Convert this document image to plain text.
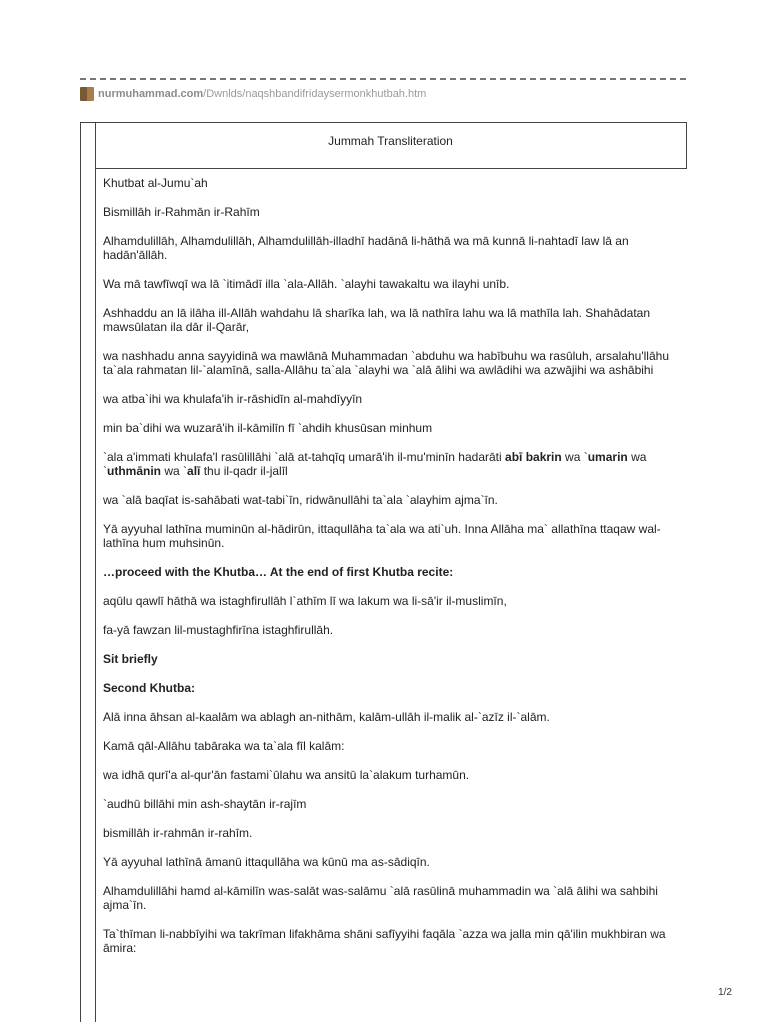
nurmuhammad.com/Dwnlds/naqshbandifridaysermonkhutbah.htm
Jummah Transliteration

Khutbat al-Jumu`ah

Bismillāh ir-Rahmān ir-Rahīm

Alhamdulillāh, Alhamdulillāh, Alhamdulillāh-illadhī hadānā li-hāthā wa mā kunnā li-nahtadī law lā an hadān'āllāh.

Wa mā tawfīwqī wa lā `itimādī illa `ala-Allāh. `alayhi tawakaltu wa ilayhi unīb.

Ashhaddu an lā ilāha ill-Allāh wahdahu lā sharīka lah, wa lā nathīra lahu wa lā mathīla lah. Shahādatan mawsūlatan ila dār il-Qarār,

wa nashhadu anna sayyidinā wa mawlānā Muhammadan `abduhu wa habībuhu wa rasūluh, arsalahu'llāhu ta`ala rahmatan lil-`alamīnā, salla-Allāhu ta`ala `alayhi wa `alā ālihi wa awlādihi wa azwājihi wa ashābihi

wa atba`ihi wa khulafa'ih ir-rāshidīn al-mahdīyyīn

min ba`dihi wa wuzarā'ih il-kāmilīn fī `ahdih khusūsan minhum

`ala a'immati khulafa'l rasūlillāhi `alā at-tahqīq umarā'ih il-mu'minīn hadarāti abī bakrin wa `umarin wa `uthmānin wa `alī thu il-qadr il-jalīl

wa `alā baqīat is-sahābati wat-tabi`īn, ridwānullāhi ta`ala `alayhim ajma`īn.

Yā ayyuhal lathīna muminūn al-hādirūn, ittaqullāha ta`ala wa ati`uh. Inna Allāha ma` allathīna ttaqaw wal-lathīna hum muhsinūn.

…proceed with the Khutba… At the end of first Khutba recite:

aqūlu qawlī hāthā wa istaghfirullāh l`athīm lī wa lakum wa li-sā'ir il-muslimīn,

fa-yā fawzan lil-mustaghfirīna istaghfirullāh.

Sit briefly

Second Khutba:

Alā inna āhsan al-kaalām wa ablagh an-nithām, kalām-ullāh il-malik al-`azīz il-`alām.

Kamā qāl-Allāhu tabāraka wa ta`ala fīl kalām:

wa idhā qurī'a al-qur'ān fastami`ūlahu wa ansitū la`alakum turhamūn.

`audhū billāhi min ash-shaytān ir-rajīm

bismillāh ir-rahmān ir-rahīm.

Yā ayyuhal lathīnā āmanū ittaqullāha wa kūnū ma as-sādiqīn.

Alhamdulillāhi hamd al-kāmilīn was-salāt was-salāmu `alā rasūlinā muhammadin wa `alā ālihi wa sahbihi ajma`īn.

Ta`thīman li-nabbīyihi wa takrīman lifakhāma shāni safīyyihi faqāla `azza wa jalla min qā'ilin mukhbiran wa āmira:

1/2
